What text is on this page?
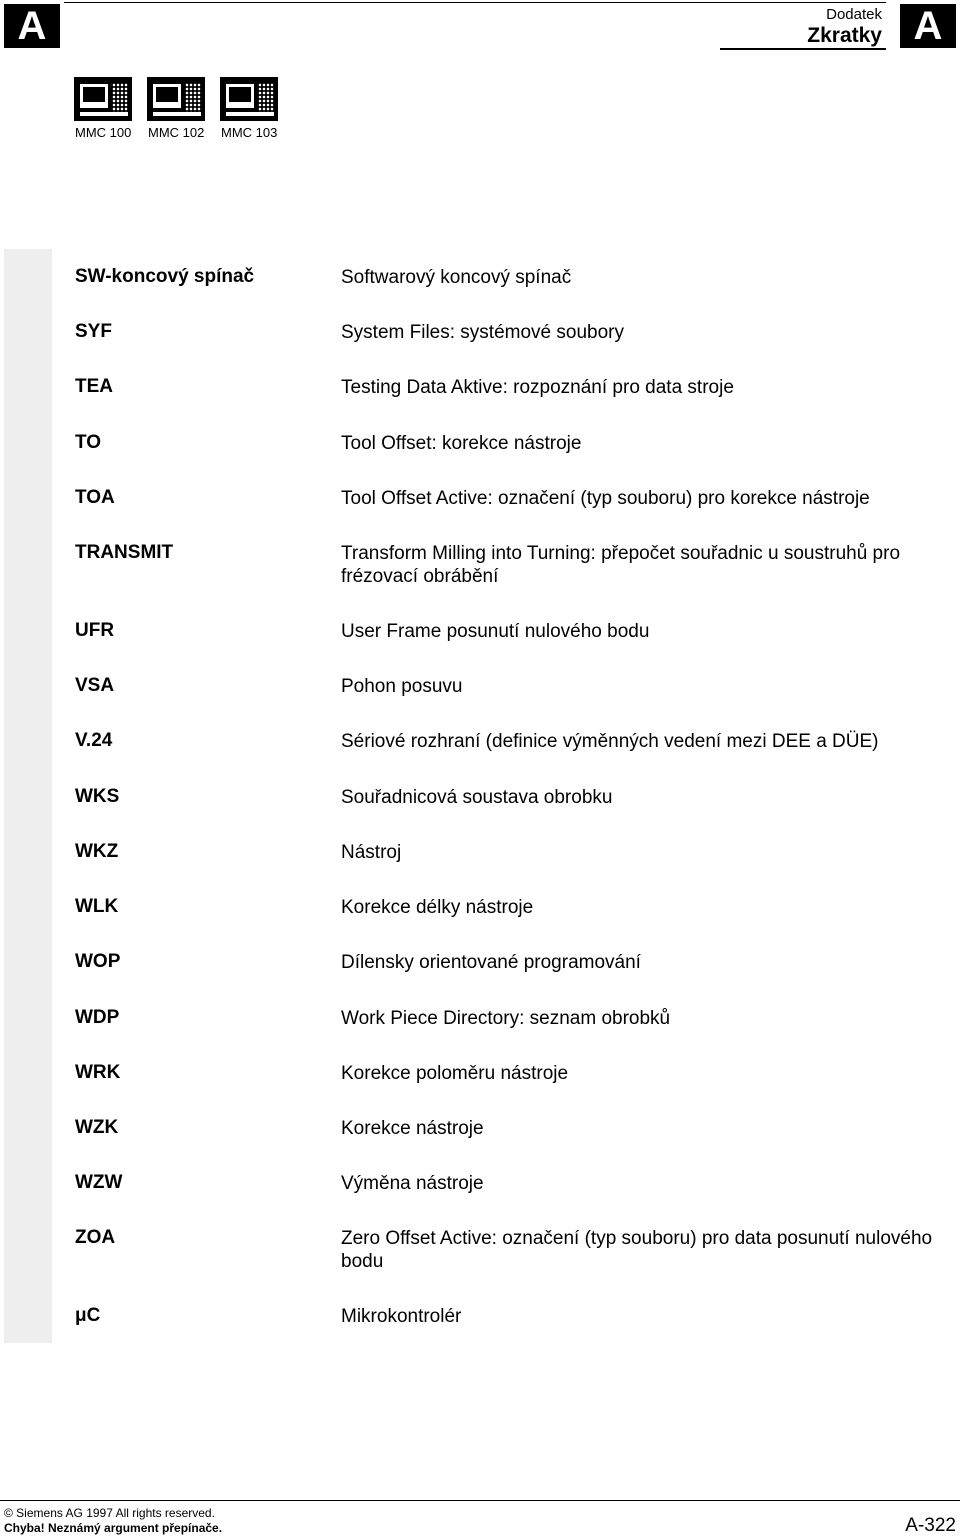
A	A
Dodatek
Zkratky
MMC 100 MMC 102 MMC 103
SW-koncový spínač	Softwarový koncový spínač
SYF	System Files: systémové soubory
TEA	Testing Data Aktive: rozpoznání pro data stroje
TO	Tool Offset: korekce nástroje
TOA	Tool Offset Active: označení (typ souboru) pro korekce nástroje
TRANSMIT	Transform Milling into Turning: přepočet souřadnic u soustruhů pro frézovací obrábění
UFR	User Frame posunutí nulového bodu
VSA	Pohon posuvu
V.24	Sériové rozhraní (definice výměnných vedení mezi DEE a DÜE)
WKS	Souřadnicová soustava obrobku
WKZ	Nástroj
WLK	Korekce délky nástroje
WOP	Dílensky orientované programování
WDP	Work Piece Directory: seznam obrobků
WRK	Korekce poloměru nástroje
WZK	Korekce nástroje
WZW	Výměna nástroje
ZOA	Zero Offset Active: označení (typ souboru) pro data posunutí nulového bodu
μC	Mikrokontrolér
© Siemens AG 1997 All rights reserved.
Chyba! Neznámý argument přepínače.	A-322
